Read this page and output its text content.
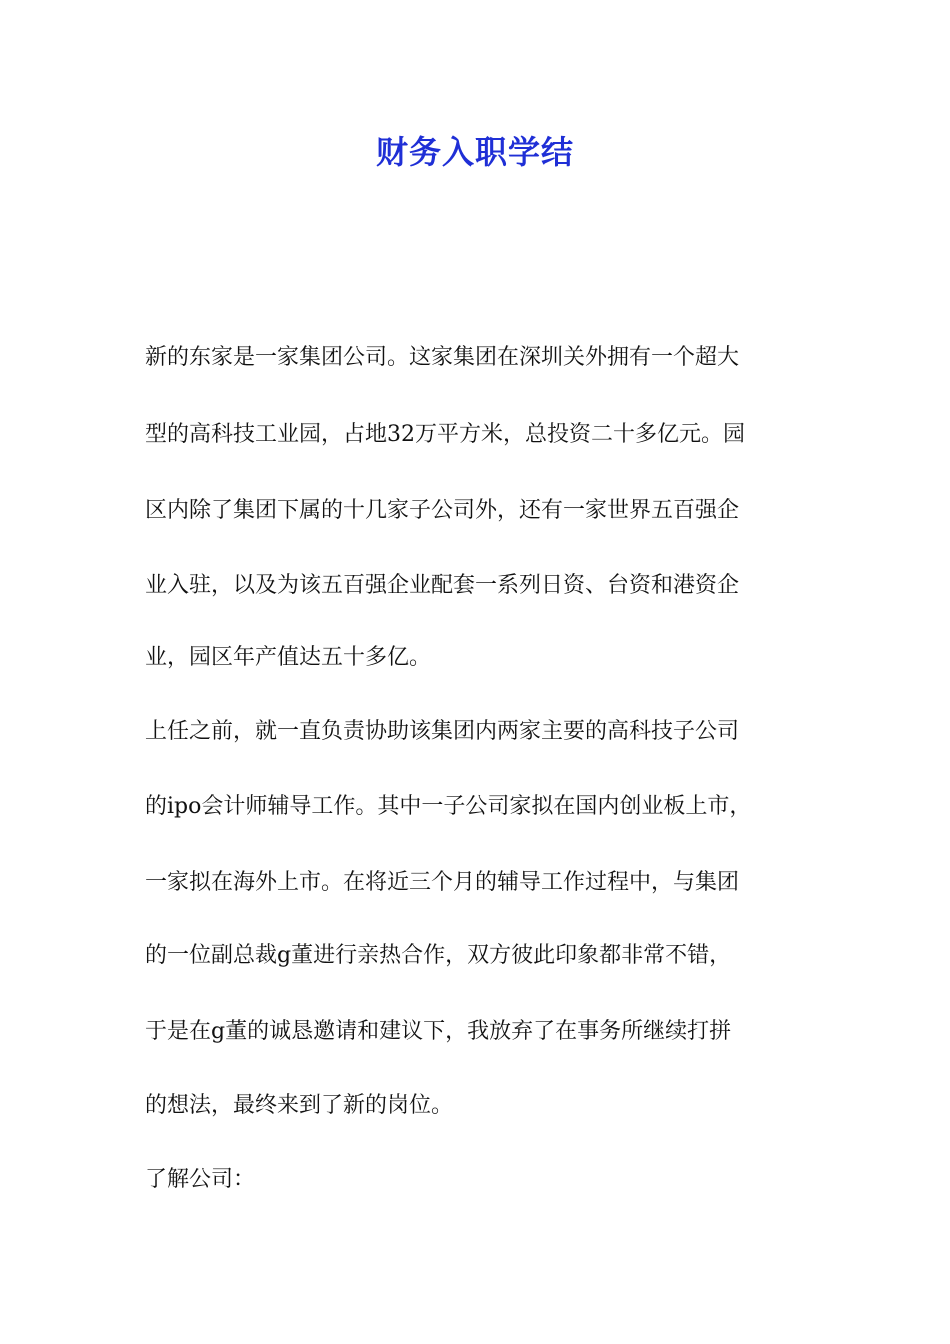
财务入职学结
新的东家是一家集团公司。这家集团在深圳关外拥有一个超大
型的高科技工业园，占地32万平方米，总投资二十多亿元。园
区内除了集团下属的十几家子公司外，还有一家世界五百强企
业入驻，以及为该五百强企业配套一系列日资、台资和港资企
业，园区年产值达五十多亿。
上任之前，就一直负责协助该集团内两家主要的高科技子公司
的ipo会计师辅导工作。其中一子公司家拟在国内创业板上市，
一家拟在海外上市。在将近三个月的辅导工作过程中，与集团
的一位副总裁g董进行亲热合作，双方彼此印象都非常不错，
于是在g董的诚恳邀请和建议下，我放弃了在事务所继续打拼
的想法，最终来到了新的岗位。
了解公司：
